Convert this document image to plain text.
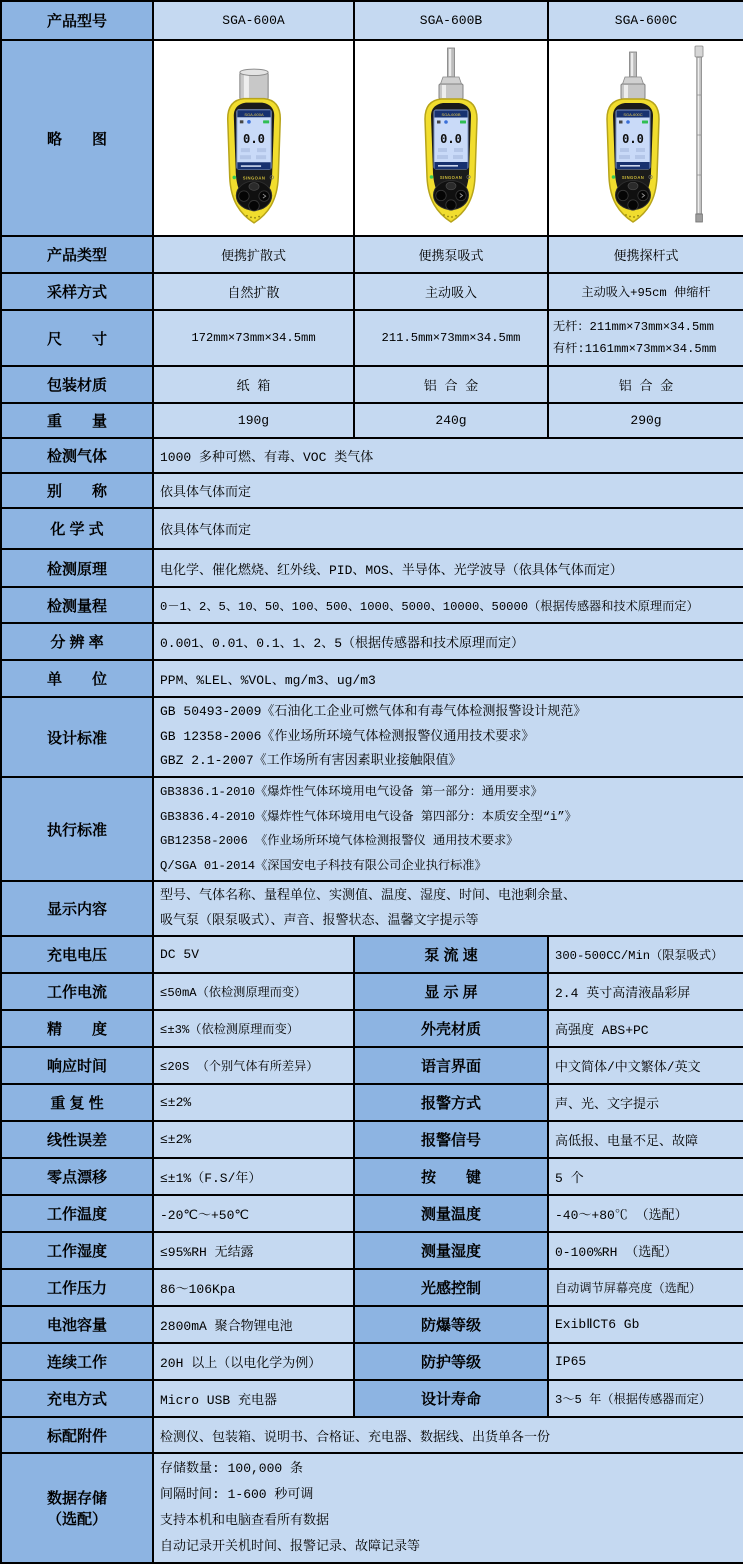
产品型号	SGA-600A	SGA-600B	SGA-600C
略　　图	SGA-600A
0.0
SINGOAN	SGA-600B
0.0
SINGOAN	SGA-600C
0.0
SINGOAN

产品类型	便携扩散式	便携泵吸式	便携探杆式
采样方式	自然扩散	主动吸入	主动吸入+95cm 伸缩杆
尺　　寸	172mm×73mm×34.5mm	211.5mm×73mm×34.5mm	无杆：211mm×73mm×34.5mm
有杆:1161mm×73mm×34.5mm

包装材质	纸 箱	铝 合 金	铝 合 金
重　　量	190g	240g	290g
检测气体	1000 多种可燃、有毒、VOC 类气体		
别　　称	依具体气体而定		
化 学 式	依具体气体而定		
检测原理	电化学、催化燃烧、红外线、PID、MOS、半导体、光学波导（依具体气体而定）		
检测量程	0－1、2、5、10、50、100、500、1000、5000、10000、50000（根据传感器和技术原理而定）		
分 辨 率	0.001、0.01、0.1、1、2、5（根据传感器和技术原理而定）		
单　　位	PPM、%LEL、%VOL、mg/m3、ug/m3		
设计标准	GB 50493-2009《石油化工企业可燃气体和有毒气体检测报警设计规范》
GB 12358-2006《作业场所环境气体检测报警仪通用技术要求》
GBZ 2.1-2007《工作场所有害因素职业接触限值》		

执行标准	GB3836.1-2010《爆炸性气体环境用电气设备 第一部分：通用要求》
GB3836.4-2010《爆炸性气体环境用电气设备 第四部分：本质安全型“i”》
GB12358-2006 《作业场所环境气体检测报警仪 通用技术要求》
Q/SGA 01-2014《深国安电子科技有限公司企业执行标准》		

显示内容	型号、气体名称、量程单位、实测值、温度、湿度、时间、电池剩余量、
吸气泵（限泵吸式）、声音、报警状态、温馨文字提示等		

充电电压	DC 5V	泵 流 速	300-500CC/Min（限泵吸式）
工作电流	≤50mA（依检测原理而变）	显 示 屏	2.4 英寸高清液晶彩屏
精　　度	≤±3%（依检测原理而变）	外壳材质	高强度 ABS+PC
响应时间	≤20S （个别气体有所差异）	语言界面	中文简体/中文繁体/英文
重 复 性	≤±2%	报警方式	声、光、文字提示
线性误差	≤±2%	报警信号	高低报、电量不足、故障
零点漂移	≤±1%（F.S/年）	按　　键	5 个
工作温度	-20℃～+50℃	测量温度	-40～+80℃ （选配）
工作湿度	≤95%RH 无结露	测量湿度	0-100%RH （选配）
工作压力	86～106Kpa	光感控制	自动调节屏幕亮度（选配）
电池容量	2800mA 聚合物锂电池	防爆等级	ExibⅡCT6 Gb
连续工作	20H 以上（以电化学为例）	防护等级	IP65
充电方式	Micro USB 充电器	设计寿命	3～5 年（根据传感器而定）
标配附件	检测仪、包装箱、说明书、合格证、充电器、数据线、出货单各一份		

数据存储
（选配）

存储数量: 100,000 条
间隔时间: 1-600 秒可调
支持本机和电脑查看所有数据
自动记录开关机时间、报警记录、故障记录等
